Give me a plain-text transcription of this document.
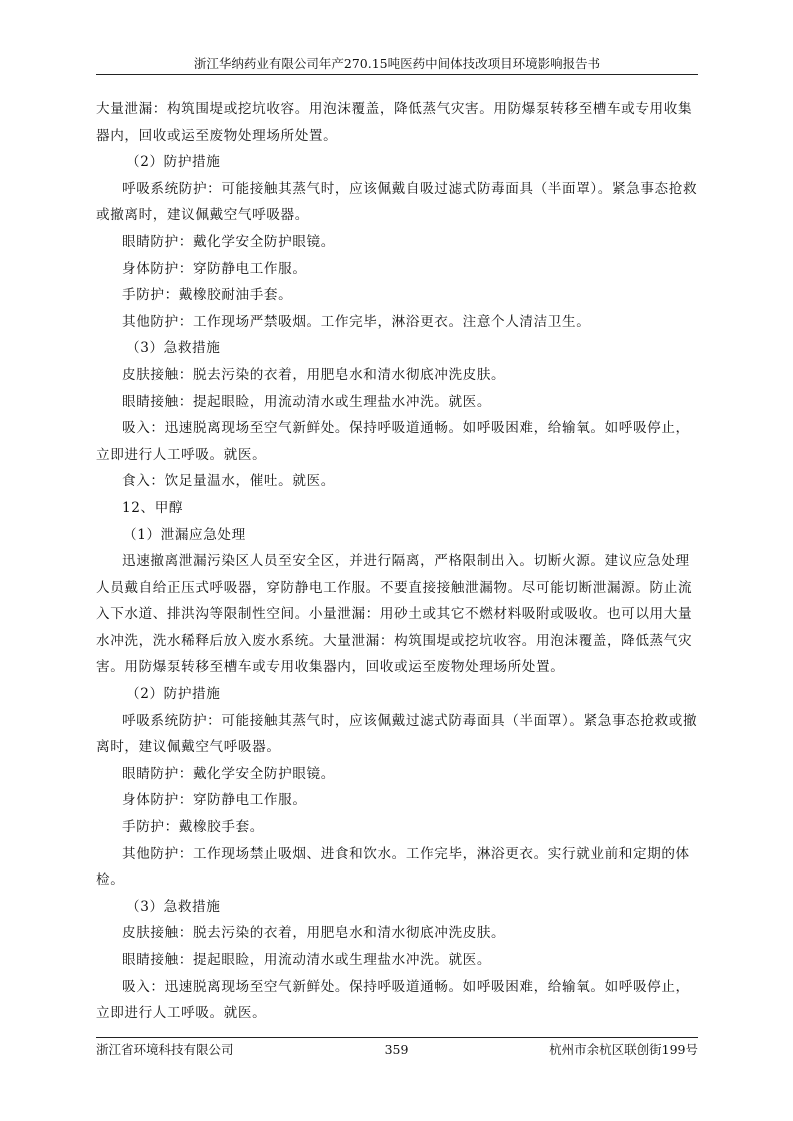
浙江华纳药业有限公司年产270.15吨医药中间体技改项目环境影响报告书

大量泄漏：构筑围堤或挖坑收容。用泡沫覆盖，降低蒸气灾害。用防爆泵转移至槽车或专用收集器内，回收或运至废物处理场所处置。

（2）防护措施

呼吸系统防护：可能接触其蒸气时，应该佩戴自吸过滤式防毒面具（半面罩）。紧急事态抢救或撤离时，建议佩戴空气呼吸器。

眼睛防护：戴化学安全防护眼镜。

身体防护：穿防静电工作服。

手防护：戴橡胶耐油手套。

其他防护：工作现场严禁吸烟。工作完毕，淋浴更衣。注意个人清洁卫生。

（3）急救措施

皮肤接触：脱去污染的衣着，用肥皂水和清水彻底冲洗皮肤。

眼睛接触：提起眼睑，用流动清水或生理盐水冲洗。就医。

吸入：迅速脱离现场至空气新鲜处。保持呼吸道通畅。如呼吸困难，给输氧。如呼吸停止，立即进行人工呼吸。就医。

食入：饮足量温水，催吐。就医。

12、甲醇

（1）泄漏应急处理

迅速撤离泄漏污染区人员至安全区，并进行隔离，严格限制出入。切断火源。建议应急处理人员戴自给正压式呼吸器，穿防静电工作服。不要直接接触泄漏物。尽可能切断泄漏源。防止流入下水道、排洪沟等限制性空间。小量泄漏：用砂土或其它不燃材料吸附或吸收。也可以用大量水冲洗，洗水稀释后放入废水系统。大量泄漏：构筑围堤或挖坑收容。用泡沫覆盖，降低蒸气灾害。用防爆泵转移至槽车或专用收集器内，回收或运至废物处理场所处置。

（2）防护措施

呼吸系统防护：可能接触其蒸气时，应该佩戴过滤式防毒面具（半面罩）。紧急事态抢救或撤离时，建议佩戴空气呼吸器。

眼睛防护：戴化学安全防护眼镜。

身体防护：穿防静电工作服。

手防护：戴橡胶手套。

其他防护：工作现场禁止吸烟、进食和饮水。工作完毕，淋浴更衣。实行就业前和定期的体检。

（3）急救措施

皮肤接触：脱去污染的衣着，用肥皂水和清水彻底冲洗皮肤。

眼睛接触：提起眼睑，用流动清水或生理盐水冲洗。就医。

吸入：迅速脱离现场至空气新鲜处。保持呼吸道通畅。如呼吸困难，给输氧。如呼吸停止，立即进行人工呼吸。就医。

浙江省环境科技有限公司	359	杭州市余杭区联创街199号
